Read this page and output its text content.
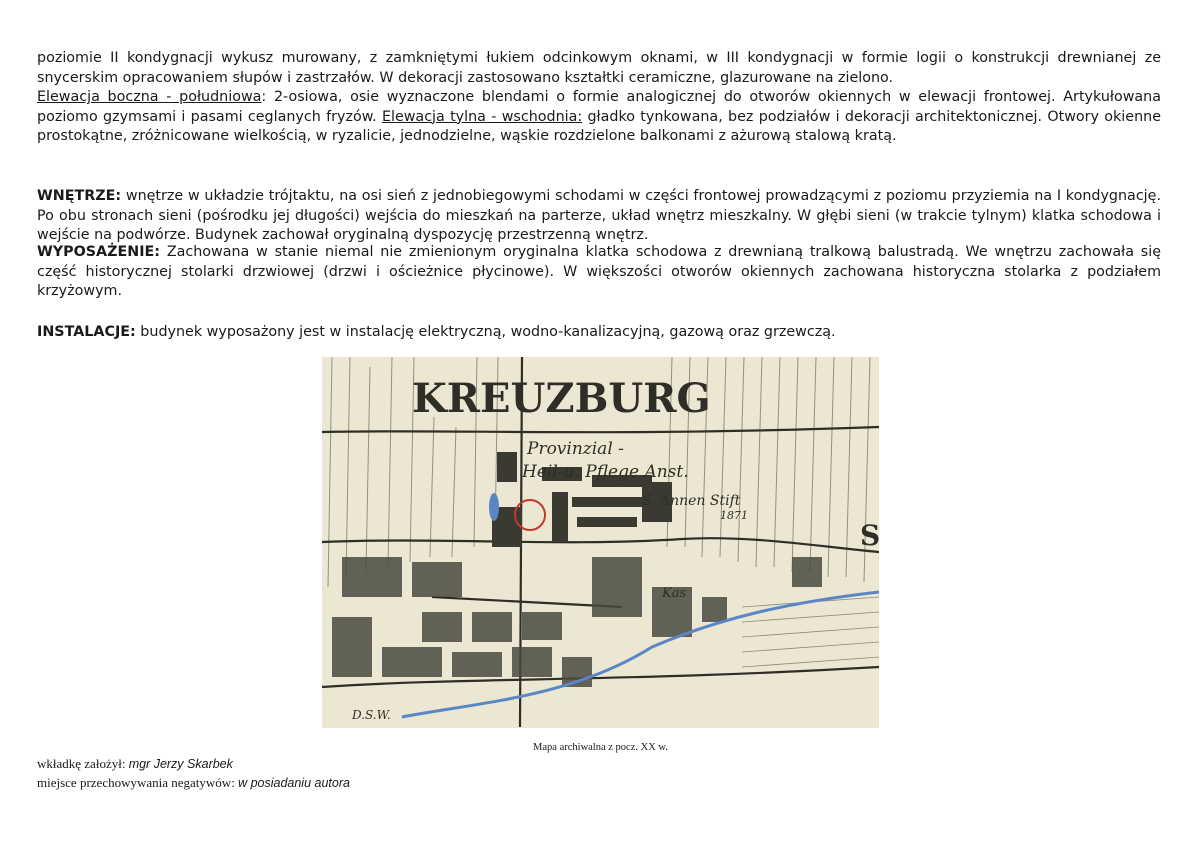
poziomie II kondygnacji wykusz murowany, z zamkniętymi łukiem odcinkowym oknami, w III kondygnacji w formie logii o konstrukcji drewnianej ze snycerskim opracowaniem słupów i zastrzałów. W dekoracji zastosowano kształtki ceramiczne, glazurowane na zielono.
Elewacja boczna - południowa: 2-osiowa, osie wyznaczone blendami o formie analogicznej do otworów okiennych w elewacji frontowej. Artykułowana poziomo gzymsami i pasami ceglanych fryzów. Elewacja tylna - wschodnia: gładko tynkowana, bez podziałów i dekoracji architektonicznej. Otwory okienne prostokątne, zróżnicowane wielkością, w ryzalicie, jednodzielne, wąskie rozdzielone balkonami z ażurową stalową kratą.
WNĘTRZE: wnętrze w układzie trójtaktu, na osi sień z jednobiegowymi schodami w części frontowej prowadzącymi z poziomu przyziemia na I kondygnację. Po obu stronach sieni (pośrodku jej długości) wejścia do mieszkań na parterze, układ wnętrz mieszkalny. W głębi sieni (w trakcie tylnym) klatka schodowa i wejście na podwórze. Budynek zachował oryginalną dyspozycję przestrzenną wnętrz.
WYPOSAŻENIE: Zachowana w stanie niemal nie zmienionym oryginalna klatka schodowa z drewnianą tralkową balustradą. We wnętrzu zachowała się część historycznej stolarki drzwiowej (drzwi i ościeżnice płycinowe). W większości otworów okiennych zachowana historyczna stolarka z podziałem krzyżowym.
INSTALACJE: budynek wyposażony jest w instalację elektryczną, wodno-kanalizacyjną, gazową oraz grzewczą.
KREUZBURG
Provinzial -
Heil-u. Pflege Anst.
S. Annen Stift
1871
Kas
D.S.W.
S
Mapa archiwalna z pocz. XX w.
wkładkę założył: mgr Jerzy Skarbek
miejsce przechowywania negatywów: w posiadaniu autora
